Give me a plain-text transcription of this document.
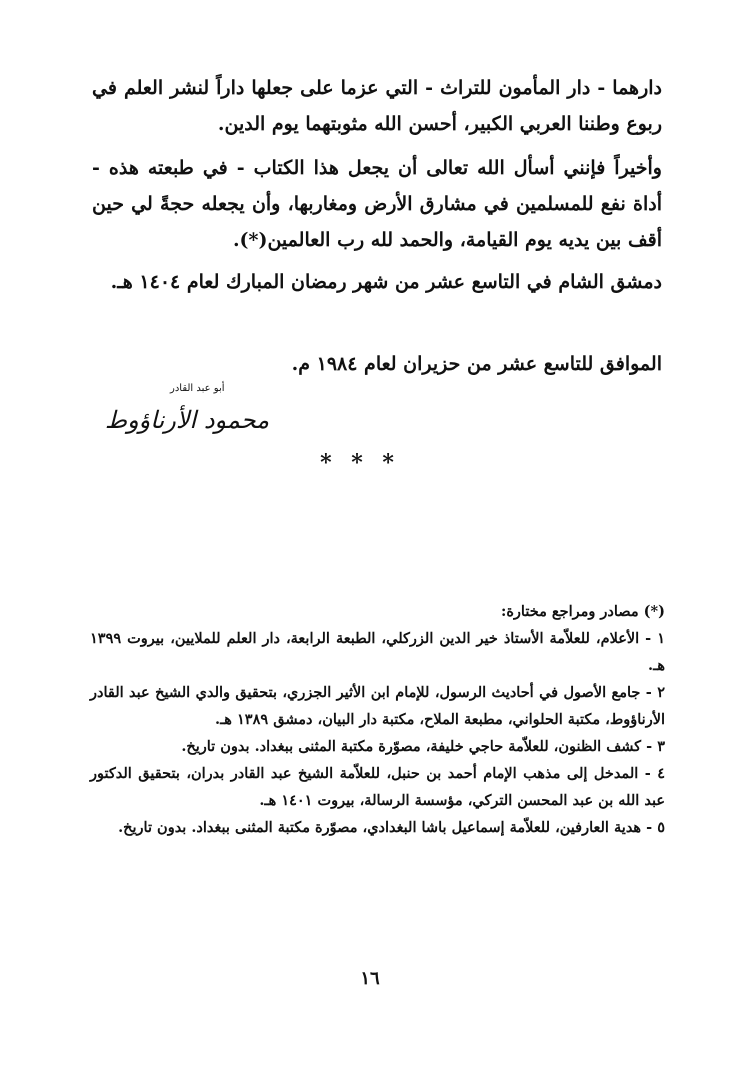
دارهما - دار المأمون للتراث - التي عزما على جعلها داراً لنشر العلم في ربوع وطننا العربي الكبير، أحسن الله مثوبتهما يوم الدين.
وأخيراً فإنني أسأل الله تعالى أن يجعل هذا الكتاب - في طبعته هذه - أداة نفع للمسلمين في مشارق الأرض ومغاربها، وأن يجعله حجةً لي حين أقف بين يديه يوم القيامة، والحمد لله رب العالمين(*).
دمشق الشام في التاسع عشر من شهر رمضان المبارك لعام ١٤٠٤ هـ.
الموافق للتاسع عشر من حزيران لعام ١٩٨٤ م.
أبو عبد القادر
محمود الأرناؤوط
* * *
(*) مصادر ومراجع مختارة:
١ - الأعلام، للعلاّمة الأستاذ خير الدين الزركلي، الطبعة الرابعة، دار العلم للملايين، بيروت ١٣٩٩ هـ.
٢ - جامع الأصول في أحاديث الرسول، للإمام ابن الأثير الجزري، بتحقيق والدي الشيخ عبد القادر الأرناؤوط، مكتبة الحلواني، مطبعة الملاح، مكتبة دار البيان، دمشق ١٣٨٩ هـ.
٣ - كشف الظنون، للعلاّمة حاجي خليفة، مصوّرة مكتبة المثنى ببغداد. بدون تاريخ.
٤ - المدخل إلى مذهب الإمام أحمد بن حنبل، للعلاّمة الشيخ عبد القادر بدران، بتحقيق الدكتور عبد الله بن عبد المحسن التركي، مؤسسة الرسالة، بيروت ١٤٠١ هـ.
٥ - هدية العارفين، للعلاّمة إسماعيل باشا البغدادي، مصوّرة مكتبة المثنى ببغداد. بدون تاريخ.
١٦
